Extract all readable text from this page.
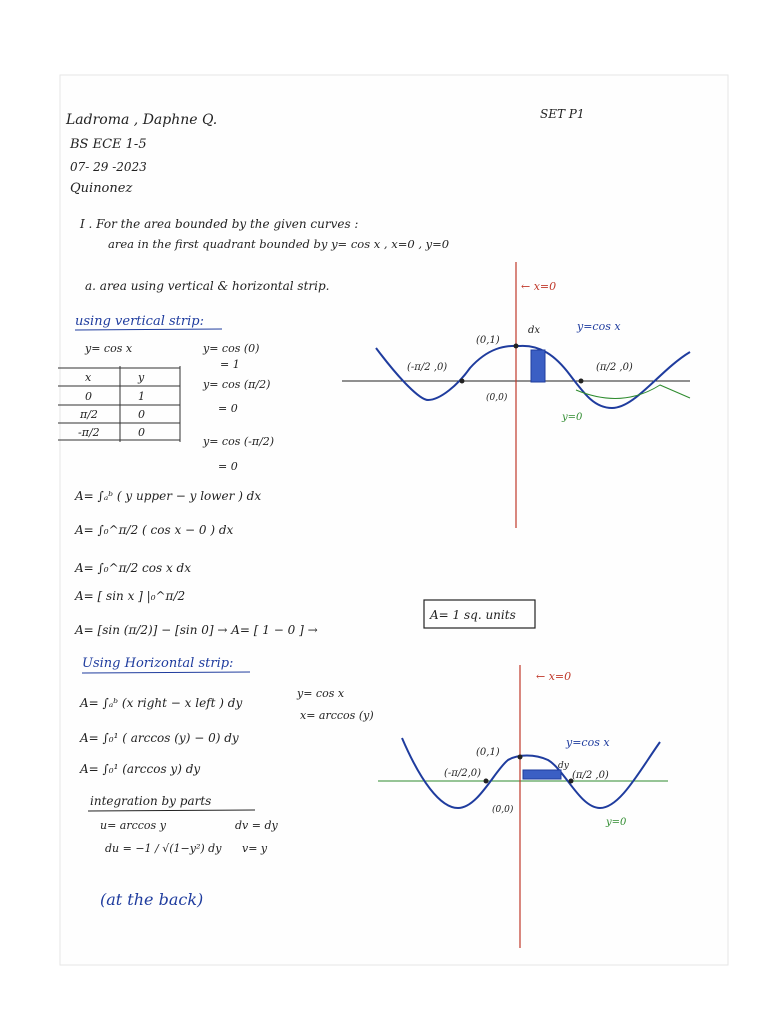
Ladroma , Daphne Q.
BS ECE 1-5
07- 29 -2023
Quinonez
SET P1
I . For the area bounded by the given curves :
area in the first quadrant bounded by y= cos x , x=0 , y=0
a. area using vertical & horizontal strip.
using vertical strip:
y= cos x
x	y
0	1
π/2	0
-π/2	0
y= cos (0)
= 1
y= cos (π/2)
= 0
y= cos (-π/2)
= 0
A= ∫ₐᵇ ( y upper − y lower ) dx
A= ∫₀^π/2 ( cos x − 0 ) dx
A= ∫₀^π/2 cos x dx
A= [ sin x ] |₀^π/2
A= [sin (π/2)] − [sin 0] → A= [ 1 − 0 ] →
A= 1 sq. units
← x=0
y=cos x
(0,1)
(-π/2 ,0)	(π/2 ,0)
(0,0)
dx
y=0
Using Horizontal strip:
A= ∫ₐᵇ (x right − x left ) dy
A= ∫₀¹ ( arccos (y) − 0) dy
A= ∫₀¹ (arccos y) dy
y= cos x
x= arccos (y)
integration by parts
u= arccos y	dv = dy
du = −1 / √(1−y²) dy v= y
(at the back)
← x=0
y=cos x
(0,1)
(-π/2,0)	(π/2 ,0)
(0,0)
dy
y=0
